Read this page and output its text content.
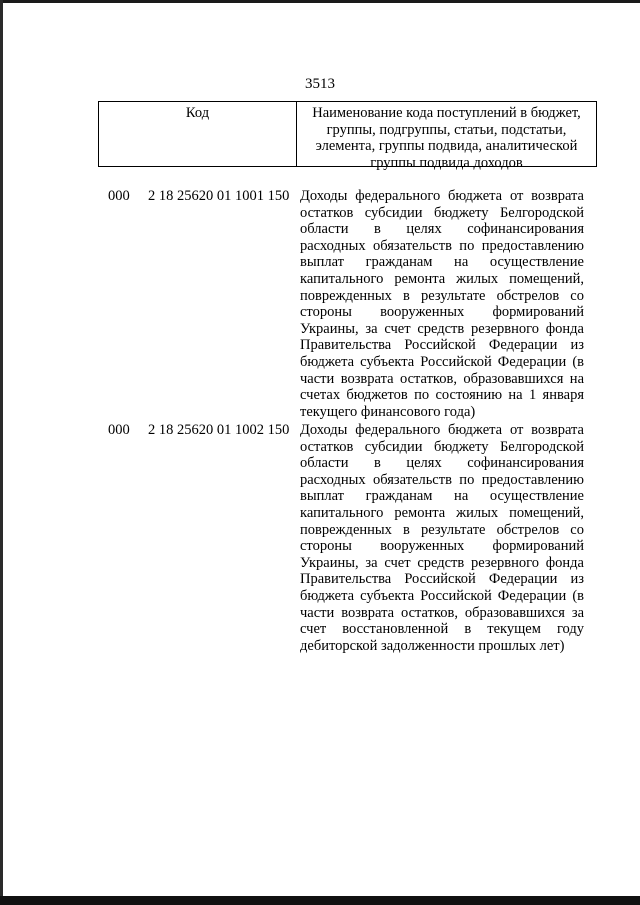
3513
Код	Наименование кода поступлений в бюджет, группы, подгруппы, статьи, подстатьи, элемента, группы подвида, аналитической группы подвида доходов
000 2 18 25620 01 1001 150 Доходы федерального бюджета от возврата остатков субсидии бюджету Белгородской области в целях софинансирования расходных обязательств по предоставлению выплат гражданам на осуществление капитального ремонта жилых помещений, поврежденных в результате обстрелов со стороны вооруженных формирований Украины, за счет средств резервного фонда Правительства Российской Федерации из бюджета субъекта Российской Федерации (в части возврата остатков, образовавшихся на счетах бюджетов по состоянию на 1 января текущего финансового года)
000 2 18 25620 01 1002 150 Доходы федерального бюджета от возврата остатков субсидии бюджету Белгородской области в целях софинансирования расходных обязательств по предоставлению выплат гражданам на осуществление капитального ремонта жилых помещений, поврежденных в результате обстрелов со стороны вооруженных формирований Украины, за счет средств резервного фонда Правительства Российской Федерации из бюджета субъекта Российской Федерации (в части возврата остатков, образовавшихся за счет восстановленной в текущем году дебиторской задолженности прошлых лет)
